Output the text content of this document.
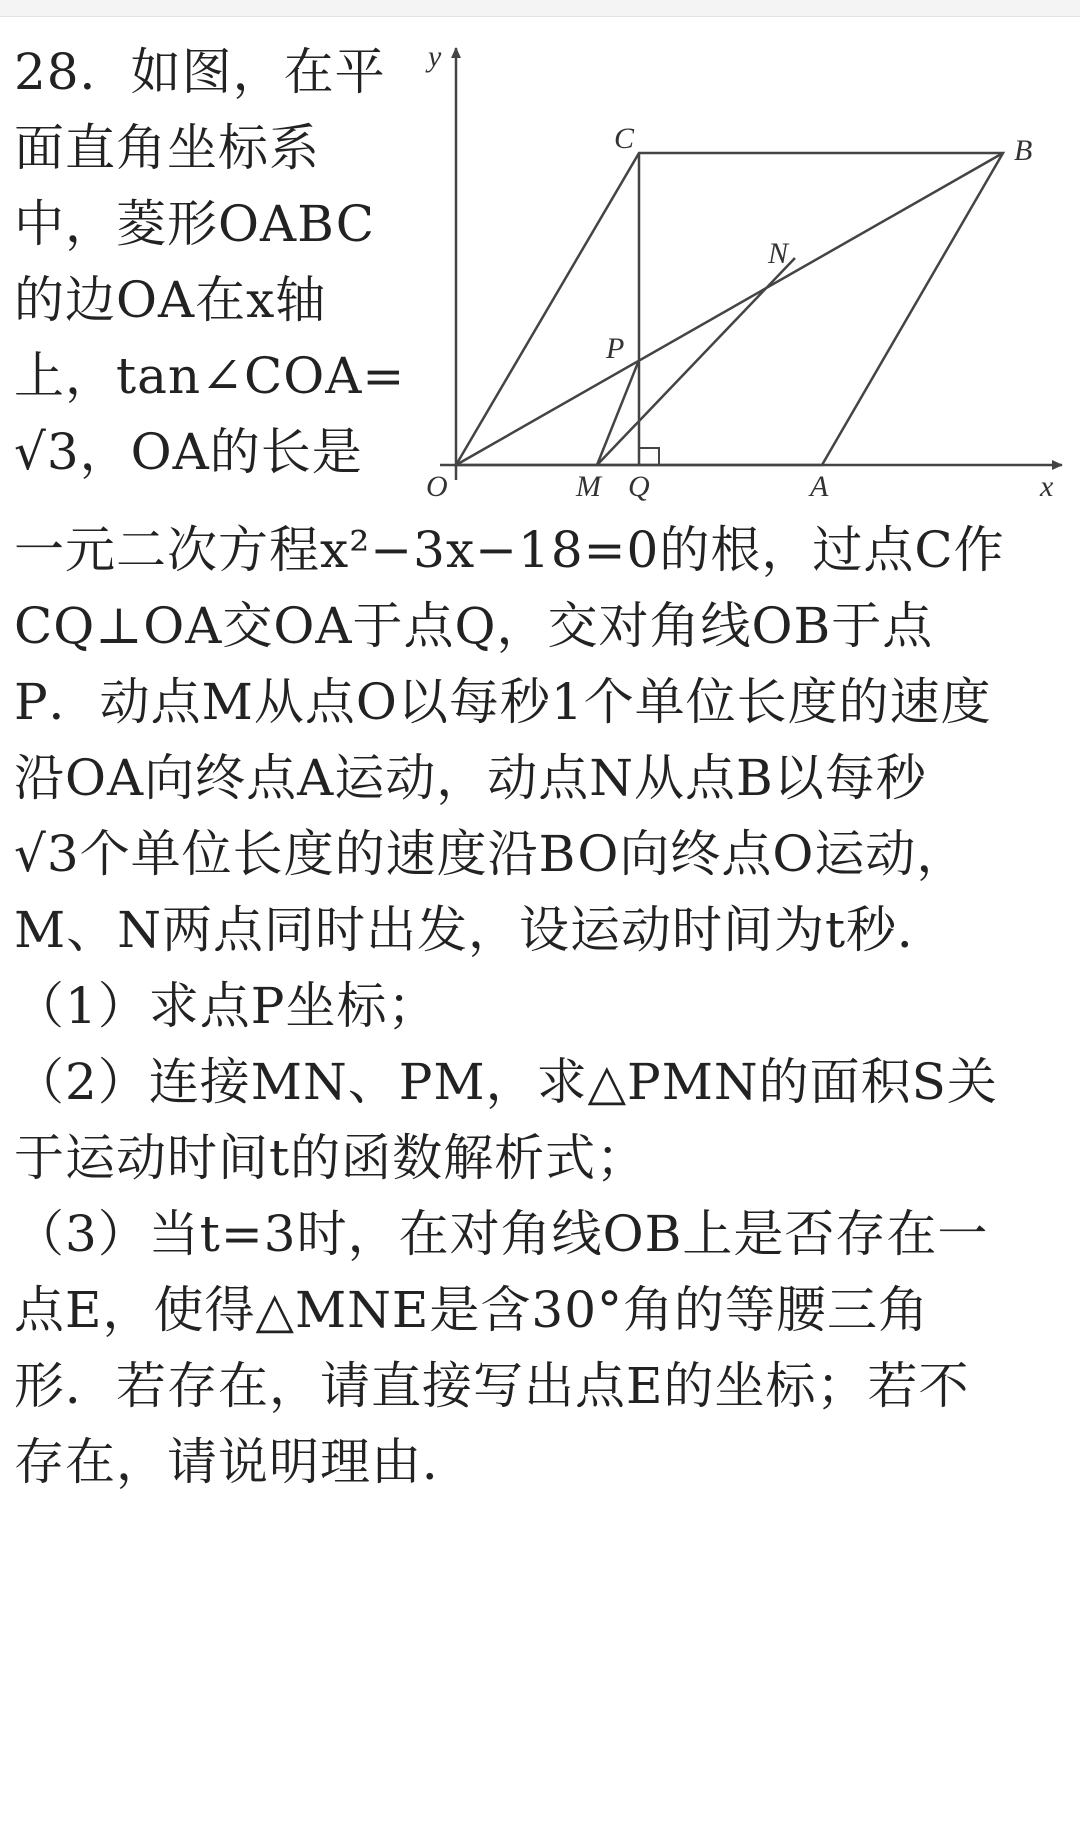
28．如图，在平
面直角坐标系
中，菱形OABC
的边OA在x轴
上，tan∠COA=
√3，OA的长是
一元二次方程x²−3x−18=0的根，过点C作
CQ⊥OA交OA于点Q，交对角线OB于点
P．动点M从点O以每秒1个单位长度的速度
沿OA向终点A运动，动点N从点B以每秒
√3个单位长度的速度沿BO向终点O运动，
M、N两点同时出发，设运动时间为t秒．
（1）求点P坐标；
（2）连接MN、PM，求△PMN的面积S关
于运动时间t的函数解析式；
（3）当t=3时，在对角线OB上是否存在一
点E，使得△MNE是含30°角的等腰三角
形．若存在，请直接写出点E的坐标；若不
存在，请说明理由．
y
x
O
C	B
N
P
M Q	A
